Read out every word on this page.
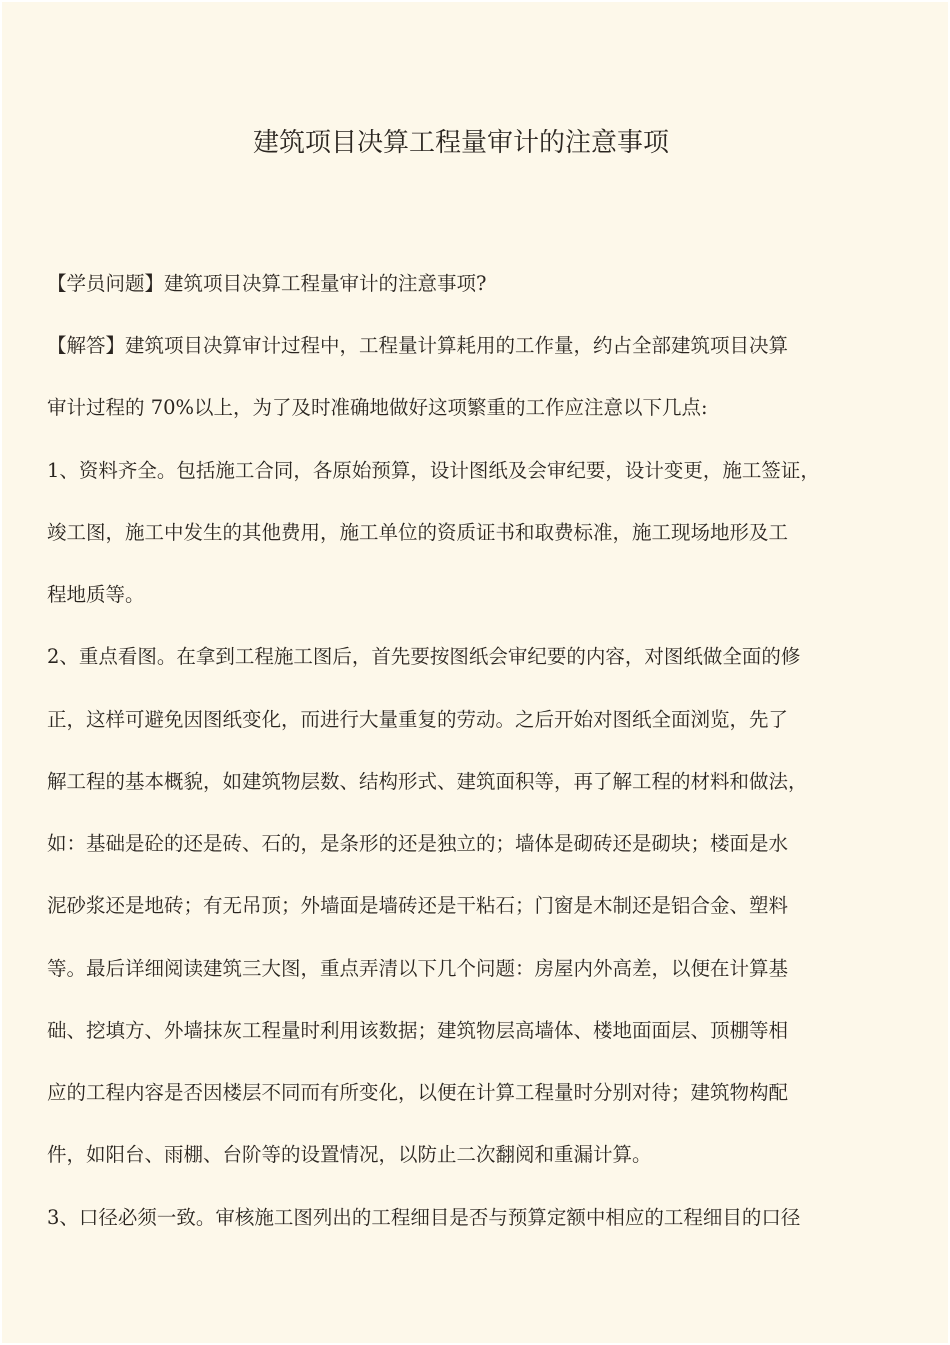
建筑项目决算工程量审计的注意事项
【学员问题】建筑项目决算工程量审计的注意事项?
【解答】建筑项目决算审计过程中，工程量计算耗用的工作量，约占全部建筑项目决算
审计过程的 70%以上，为了及时准确地做好这项繁重的工作应注意以下几点:
1、资料齐全。包括施工合同，各原始预算，设计图纸及会审纪要，设计变更，施工签证，
竣工图，施工中发生的其他费用，施工单位的资质证书和取费标准，施工现场地形及工
程地质等。
2、重点看图。在拿到工程施工图后，首先要按图纸会审纪要的内容，对图纸做全面的修
正，这样可避免因图纸变化，而进行大量重复的劳动。之后开始对图纸全面浏览，先了
解工程的基本概貌，如建筑物层数、结构形式、建筑面积等，再了解工程的材料和做法，
如：基础是砼的还是砖、石的，是条形的还是独立的；墙体是砌砖还是砌块；楼面是水
泥砂浆还是地砖；有无吊顶；外墙面是墙砖还是干粘石；门窗是木制还是铝合金、塑料
等。最后详细阅读建筑三大图，重点弄清以下几个问题：房屋内外高差，以便在计算基
础、挖填方、外墙抹灰工程量时利用该数据；建筑物层高墙体、楼地面面层、顶棚等相
应的工程内容是否因楼层不同而有所变化，以便在计算工程量时分别对待；建筑物构配
件，如阳台、雨棚、台阶等的设置情况，以防止二次翻阅和重漏计算。
3、口径必须一致。审核施工图列出的工程细目是否与预算定额中相应的工程细目的口径
